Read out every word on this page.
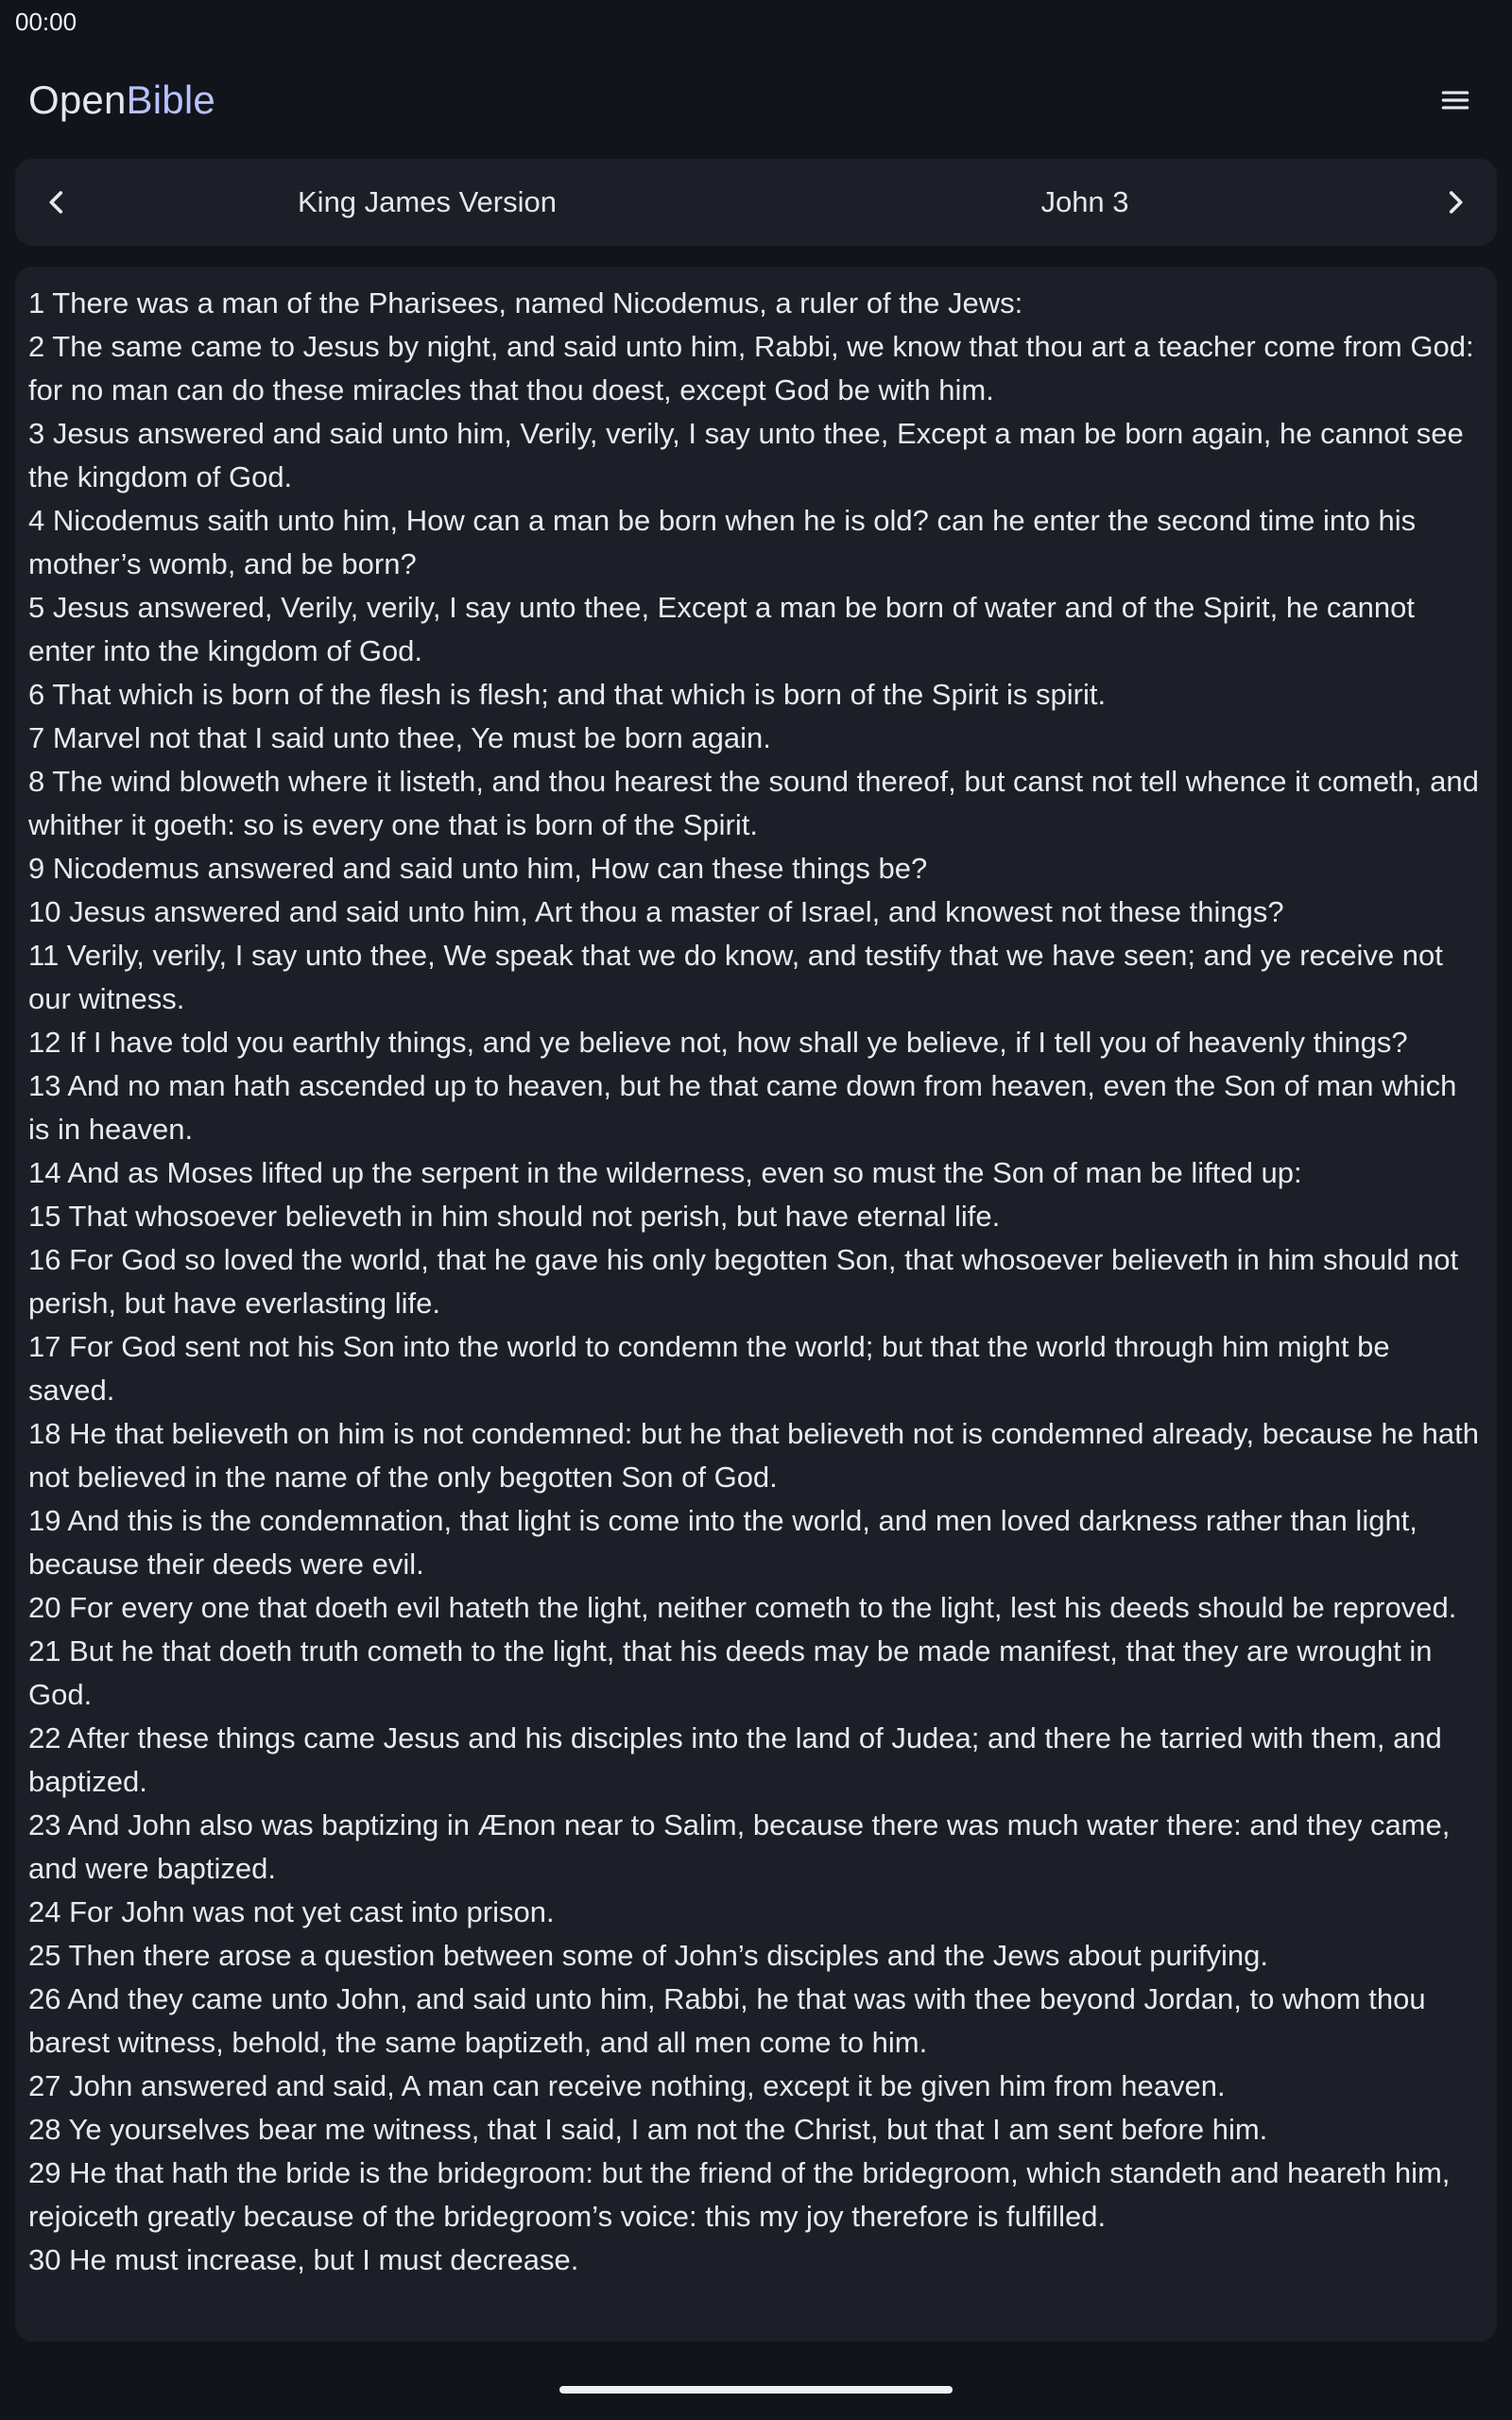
00:00
OpenBible
King James Version	John 3

1 There was a man of the Pharisees, named Nicodemus, a ruler of the Jews:

2 The same came to Jesus by night, and said unto him, Rabbi, we know that thou art a teacher come from God: for no man can do these miracles that thou doest, except God be with him.

3 Jesus answered and said unto him, Verily, verily, I say unto thee, Except a man be born again, he cannot see the kingdom of God.

4 Nicodemus saith unto him, How can a man be born when he is old? can he enter the second time into his mother’s womb, and be born?

5 Jesus answered, Verily, verily, I say unto thee, Except a man be born of water and of the Spirit, he cannot enter into the kingdom of God.

6 That which is born of the flesh is flesh; and that which is born of the Spirit is spirit.

7 Marvel not that I said unto thee, Ye must be born again.

8 The wind bloweth where it listeth, and thou hearest the sound thereof, but canst not tell whence it cometh, and whither it goeth: so is every one that is born of the Spirit.

9 Nicodemus answered and said unto him, How can these things be?

10 Jesus answered and said unto him, Art thou a master of Israel, and knowest not these things?

11 Verily, verily, I say unto thee, We speak that we do know, and testify that we have seen; and ye receive not our witness.

12 If I have told you earthly things, and ye believe not, how shall ye believe, if I tell you of heavenly things?

13 And no man hath ascended up to heaven, but he that came down from heaven, even the Son of man which is in heaven.

14 And as Moses lifted up the serpent in the wilderness, even so must the Son of man be lifted up:

15 That whosoever believeth in him should not perish, but have eternal life.

16 For God so loved the world, that he gave his only begotten Son, that whosoever believeth in him should not perish, but have everlasting life.

17 For God sent not his Son into the world to condemn the world; but that the world through him might be saved.

18 He that believeth on him is not condemned: but he that believeth not is condemned already, because he hath not believed in the name of the only begotten Son of God.

19 And this is the condemnation, that light is come into the world, and men loved darkness rather than light, because their deeds were evil.

20 For every one that doeth evil hateth the light, neither cometh to the light, lest his deeds should be reproved.

21 But he that doeth truth cometh to the light, that his deeds may be made manifest, that they are wrought in God.

22 After these things came Jesus and his disciples into the land of Judea; and there he tarried with them, and baptized.

23 And John also was baptizing in Ænon near to Salim, because there was much water there: and they came, and were baptized.

24 For John was not yet cast into prison.

25 Then there arose a question between some of John’s disciples and the Jews about purifying.

26 And they came unto John, and said unto him, Rabbi, he that was with thee beyond Jordan, to whom thou barest witness, behold, the same baptizeth, and all men come to him.

27 John answered and said, A man can receive nothing, except it be given him from heaven.

28 Ye yourselves bear me witness, that I said, I am not the Christ, but that I am sent before him.

29 He that hath the bride is the bridegroom: but the friend of the bridegroom, which standeth and heareth him, rejoiceth greatly because of the bridegroom’s voice: this my joy therefore is fulfilled.

30 He must increase, but I must decrease.
